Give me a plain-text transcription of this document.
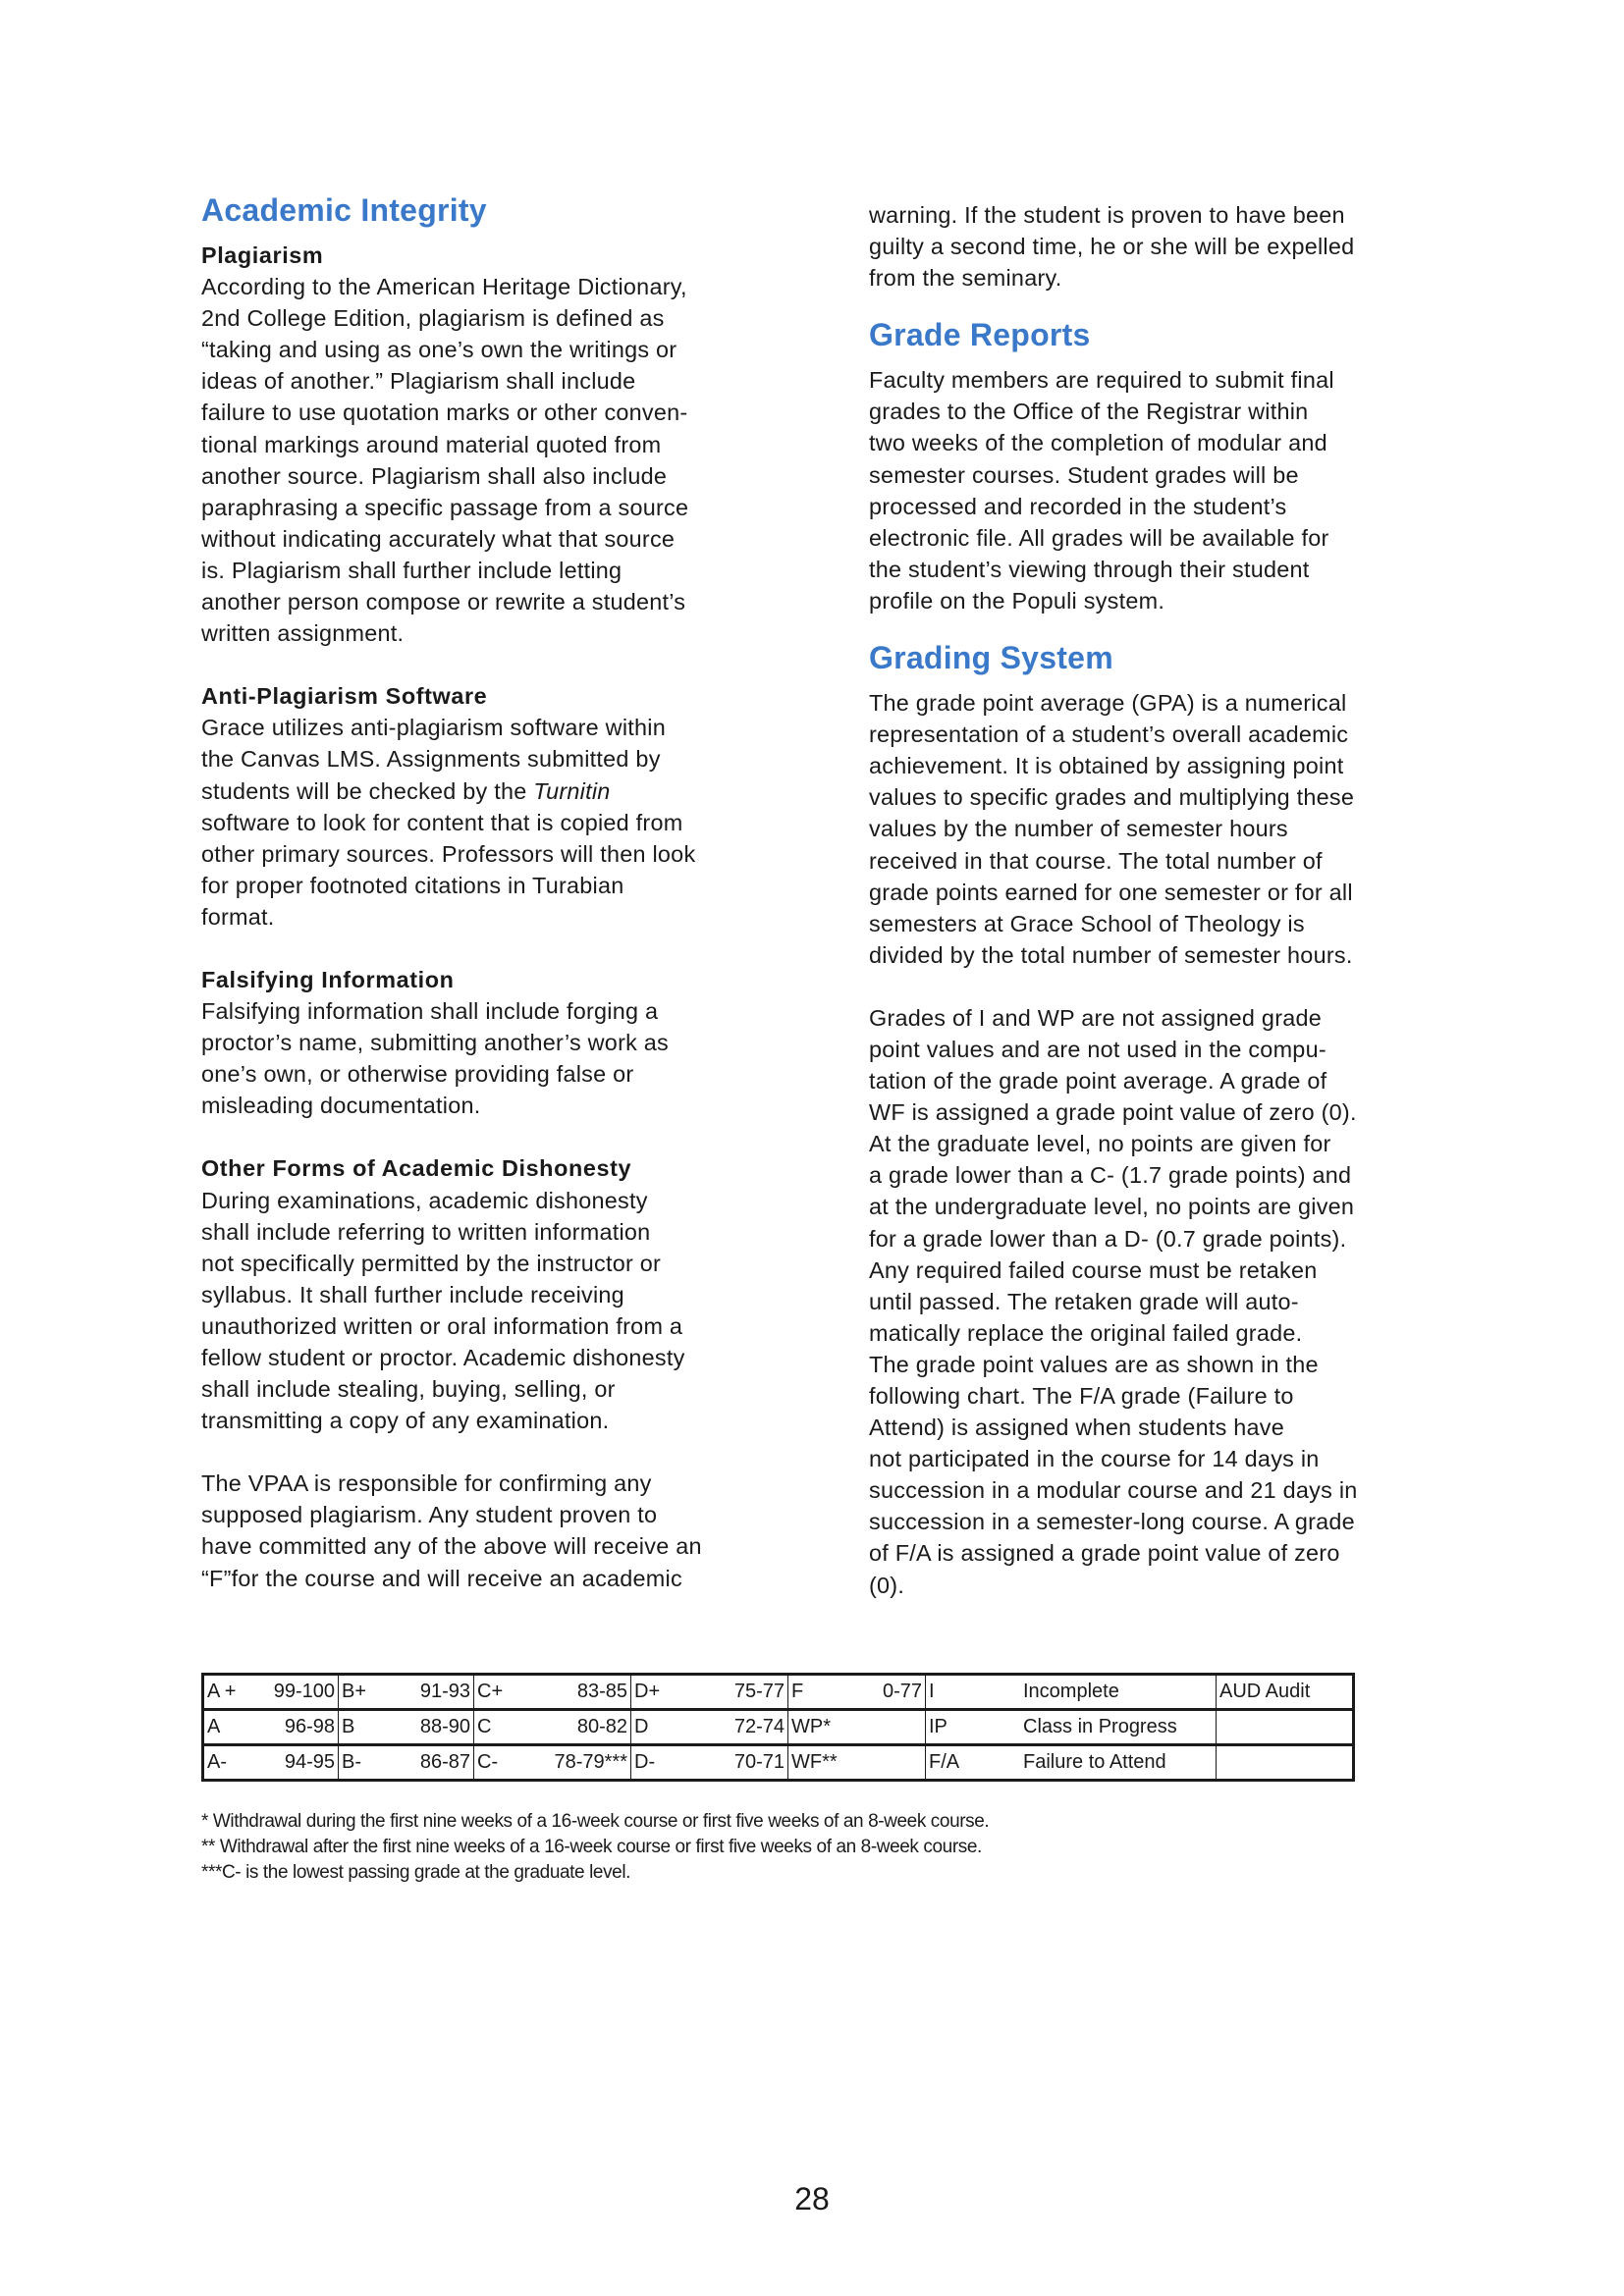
Academic Integrity
Plagiarism

According to the American Heritage Dictionary,
2nd College Edition, plagiarism is defined as
“taking and using as one’s own the writings or
ideas of another.” Plagiarism shall include
failure to use quotation marks or other conven-
tional markings around material quoted from
another source. Plagiarism shall also include
paraphrasing a specific passage from a source
without indicating accurately what that source
is. Plagiarism shall further include letting
another person compose or rewrite a student’s
written assignment.

Anti-Plagiarism Software

Grace utilizes anti-plagiarism software within
the Canvas LMS. Assignments submitted by
students will be checked by the Turnitin
software to look for content that is copied from
other primary sources. Professors will then look
for proper footnoted citations in Turabian
format.

Falsifying Information

Falsifying information shall include forging a
proctor’s name, submitting another’s work as
one’s own, or otherwise providing false or
misleading documentation.

Other Forms of Academic Dishonesty

During examinations, academic dishonesty
shall include referring to written information
not specifically permitted by the instructor or
syllabus. It shall further include receiving
unauthorized written or oral information from a
fellow student or proctor. Academic dishonesty
shall include stealing, buying, selling, or
transmitting a copy of any examination.

The VPAA is responsible for confirming any
supposed plagiarism. Any student proven to
have committed any of the above will receive an
“F”for the course and will receive an academic

warning. If the student is proven to have been
guilty a second time, he or she will be expelled
from the seminary.

Grade Reports

Faculty members are required to submit final
grades to the Office of the Registrar within
two weeks of the completion of modular and
semester courses. Student grades will be
processed and recorded in the student’s
electronic file. All grades will be available for
the student’s viewing through their student
profile on the Populi system.

Grading System

The grade point average (GPA) is a numerical
representation of a student’s overall academic
achievement. It is obtained by assigning point
values to specific grades and multiplying these
values by the number of semester hours
received in that course. The total number of
grade points earned for one semester or for all
semesters at Grace School of Theology is
divided by the total number of semester hours.

Grades of I and WP are not assigned grade
point values and are not used in the compu-
tation of the grade point average. A grade of
WF is assigned a grade point value of zero (0).
At the graduate level, no points are given for
a grade lower than a C- (1.7 grade points) and
at the undergraduate level, no points are given
for a grade lower than a D- (0.7 grade points).
Any required failed course must be retaken
until passed. The retaken grade will auto-
matically replace the original failed grade.
The grade point values are as shown in the
following chart. The F/A grade (Failure to
Attend) is assigned when students have
not participated in the course for 14 days in
succession in a modular course and 21 days in
succession in a semester-long course. A grade
of F/A is assigned a grade point value of zero
(0).

A + 99-100	B+ 91-93	C+ 83-85	D+ 75-77	F 0-77	I Incomplete	AUD Audit

A 96-98	B 88-90	C 80-82	D 72-74	WP*	IP Class in Progress	

A- 94-95	B- 86-87	C- 78-79***	D- 70-71	WF**	F/A Failure to Attend	
* Withdrawal during the first nine weeks of a 16-week course or first five weeks of an 8-week course.
** Withdrawal after the first nine weeks of a 16-week course or first five weeks of an 8-week course.
***C- is the lowest passing grade at the graduate level.
28
